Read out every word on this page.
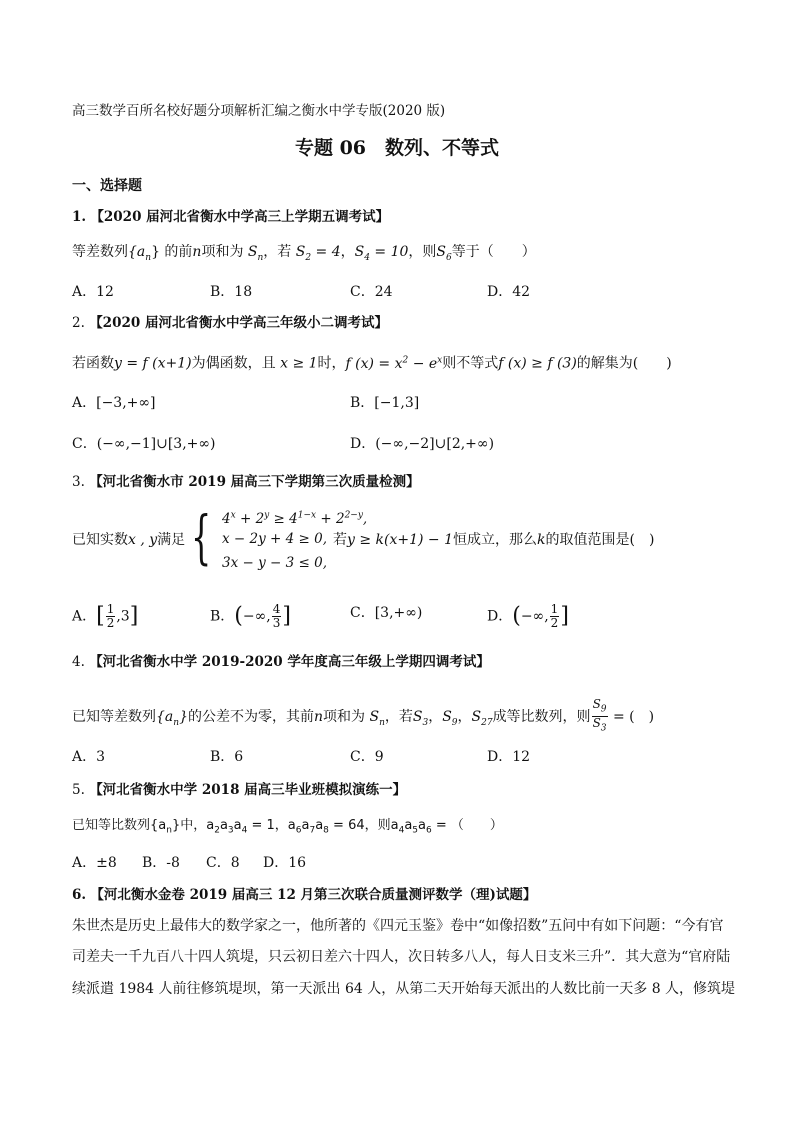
高三数学百所名校好题分项解析汇编之衡水中学专版(2020 版)
专题 06　数列、不等式
一、选择题
1. 【2020 届河北省衡水中学高三上学期五调考试】
等差数列$\{a_n\}$ 的前n项和为 $S_n$，若 $S_2 = 4$，$S_4 = 10$，则$S_6$等于（　　）
A．12	B．18	C．24	D．42
2. 【2020 届河北省衡水中学高三年级小二调考试】
若函数y = f (x+1)为偶函数，且 x ≥ 1时，f $(x) = x^2 - e^x$则不等式f (x) ≥ f (3)的解集为(　　)
A．[−3,+∞]	B．[−1,3]
C．(−∞,−1]∪[3,+∞)	D．(−∞,−2]∪[2,+∞)
3. 【河北省衡水市 2019 届高三下学期第三次质量检测】
已知实数x , y满足 { $4^x + 2^y \ge 4^{1-x} + 2^{2-y}$,
x − 2y + 4 ≥ 0,
3x − y − 3 ≤ 0,
若y ≥ k(x+1) − 1恒成立，那么k的取值范围是(　)
A．[ $\frac{1}{2} ,3$]	B．(−∞, $\frac{4}{3}$ ]	C．[3,+∞)	D．(−∞, $\frac{1}{2}$ ]
4. 【河北省衡水中学 2019-2020 学年度高三年级上学期四调考试】
已知等差数列$\{a_n\}$的公差不为零，其前n项和为 $S_n$，若$S_3$，$S_9$，$S_{27}$成等比数列，则 $\frac{S_9}{S_3}$ = (　)
A．3	B．6	C．9	D．12
5. 【河北省衡水中学 2018 届高三毕业班模拟演练一】
已知等比数列$\{a_n\}$中，$a_2a_3a_4 = 1$，$a_6a_7a_8 = 64$，则$a_4a_5a_6$ = （　　）
A．±8 B．-8 C．8 D．16
6. 【河北衡水金卷 2019 届高三 12 月第三次联合质量测评数学（理)试题】
朱世杰是历史上最伟大的数学家之一，他所著的《四元玉鉴》卷中“如像招数”五问中有如下问题：“今有官
司差夫一千九百八十四人筑堤，只云初日差六十四人，次日转多八人，每人日支米三升”．其大意为“官府陆
续派遣 1984 人前往修筑堤坝，第一天派出 64 人，从第二天开始每天派出的人数比前一天多 8 人，修筑堤
